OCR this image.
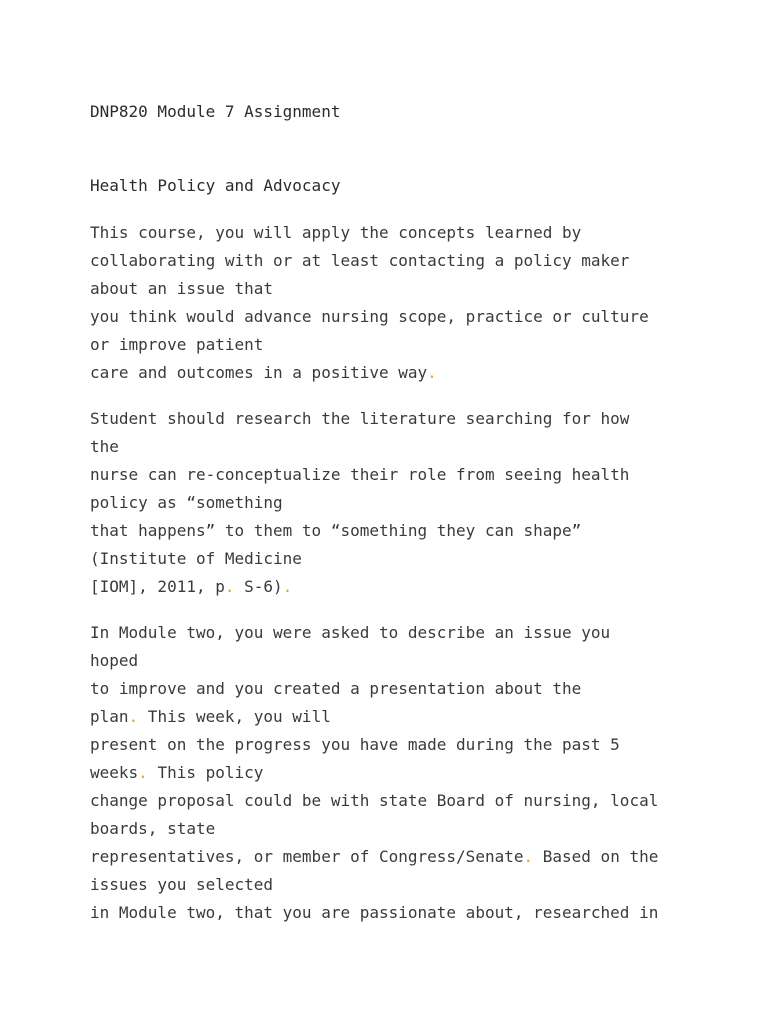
DNP820 Module 7 Assignment
Health Policy and Advocacy
This course, you will apply the concepts learned by
collaborating with or at least contacting a policy maker
about an issue that
you think would advance nursing scope, practice or culture
or improve patient
care and outcomes in a positive way.
Student should research the literature searching for how
the
nurse can re-conceptualize their role from seeing health
policy as “something
that happens” to them to “something they can shape”
(Institute of Medicine
[IOM], 2011, p. S-6).
In Module two, you were asked to describe an issue you
hoped
to improve and you created a presentation about the
plan. This week, you will
present on the progress you have made during the past 5
weeks. This policy
change proposal could be with state Board of nursing, local
boards, state
representatives, or member of Congress/Senate. Based on the
issues you selected
in Module two, that you are passionate about, researched in
